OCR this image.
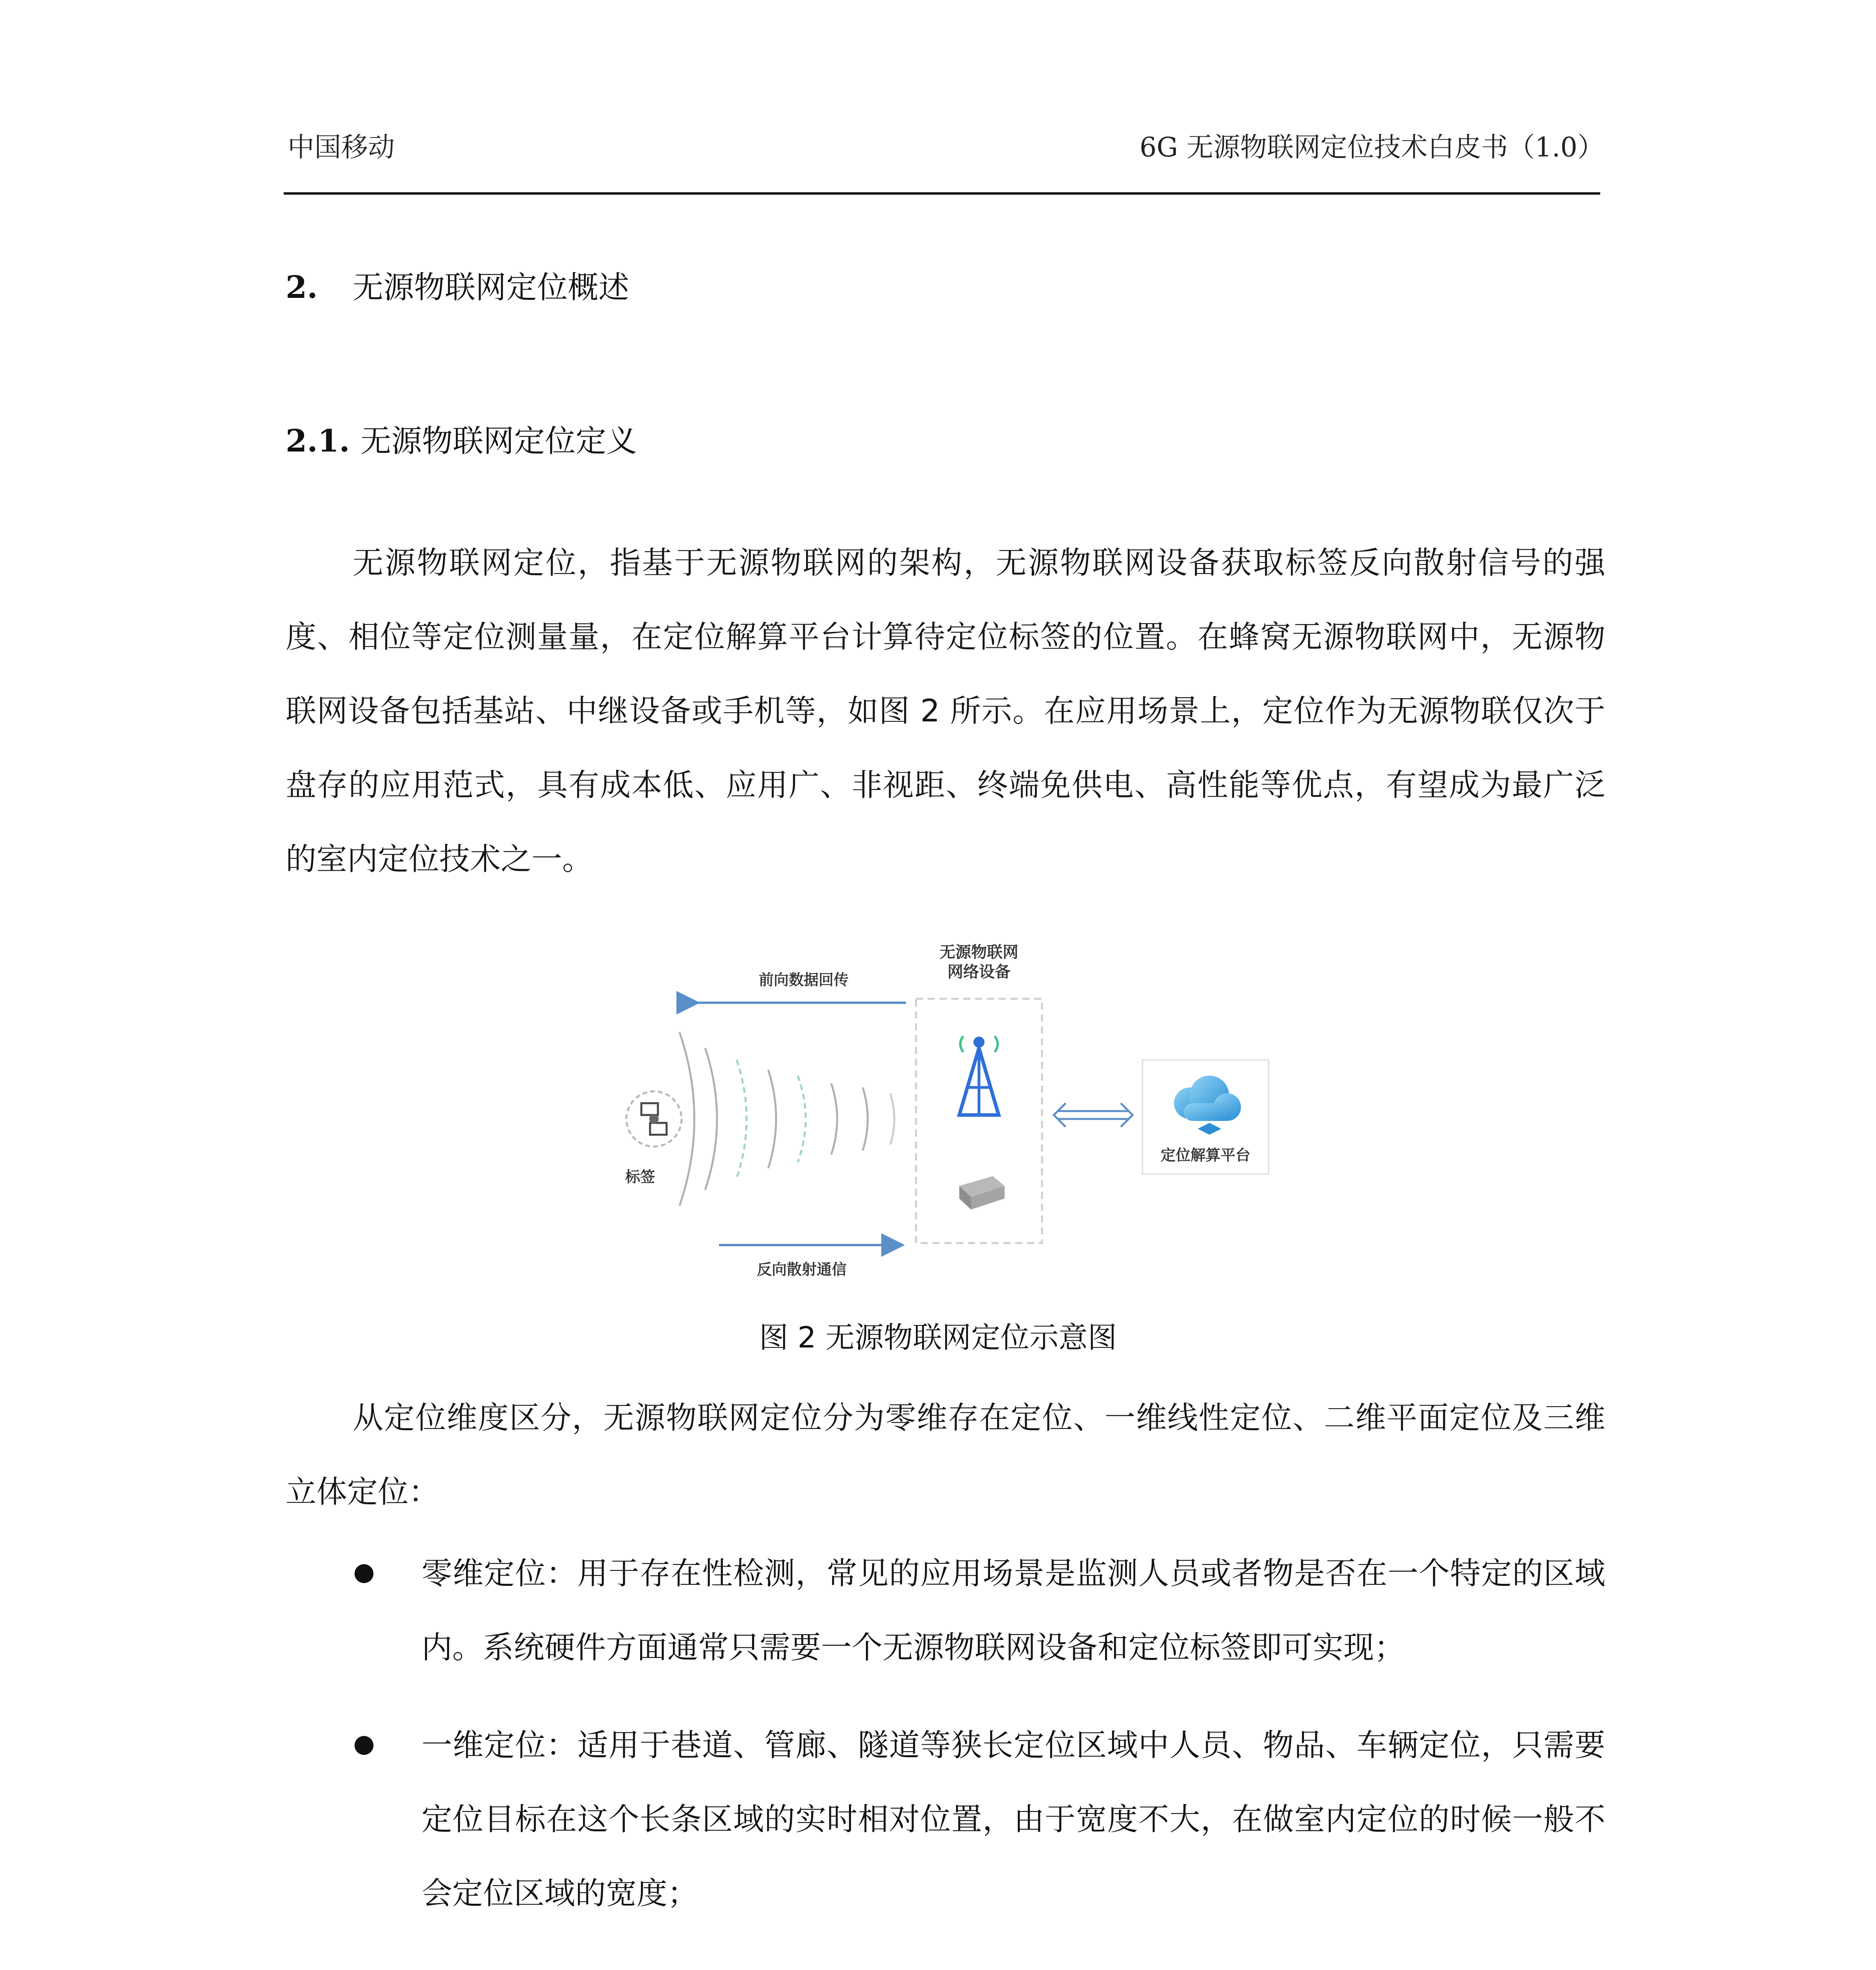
中国移动	6G 无源物联网定位技术白皮书（1.0）
2. 无源物联网定位概述
2.1. 无源物联网定位定义
无源物联网定位，指基于无源物联网的架构，无源物联网设备获取标签反向散射信号的强度、相位等定位测量量，在定位解算平台计算待定位标签的位置。在蜂窝无源物联网中，无源物联网设备包括基站、中继设备或手机等，如图 2 所示。在应用场景上，定位作为无源物联仅次于盘存的应用范式，具有成本低、应用广、非视距、终端免供电、高性能等优点，有望成为最广泛的室内定位技术之一。
无源物联网
网络设备
前向数据回传
反向散射通信
标签
定位解算平台
图 2 无源物联网定位示意图
从定位维度区分，无源物联网定位分为零维存在定位、一维线性定位、二维平面定位及三维立体定位：
零维定位：用于存在性检测，常见的应用场景是监测人员或者物是否在一个特定的区域内。系统硬件方面通常只需要一个无源物联网设备和定位标签即可实现；
一维定位：适用于巷道、管廊、隧道等狭长定位区域中人员、物品、车辆定位，只需要定位目标在这个长条区域的实时相对位置，由于宽度不大，在做室内定位的时候一般不会定位区域的宽度；
